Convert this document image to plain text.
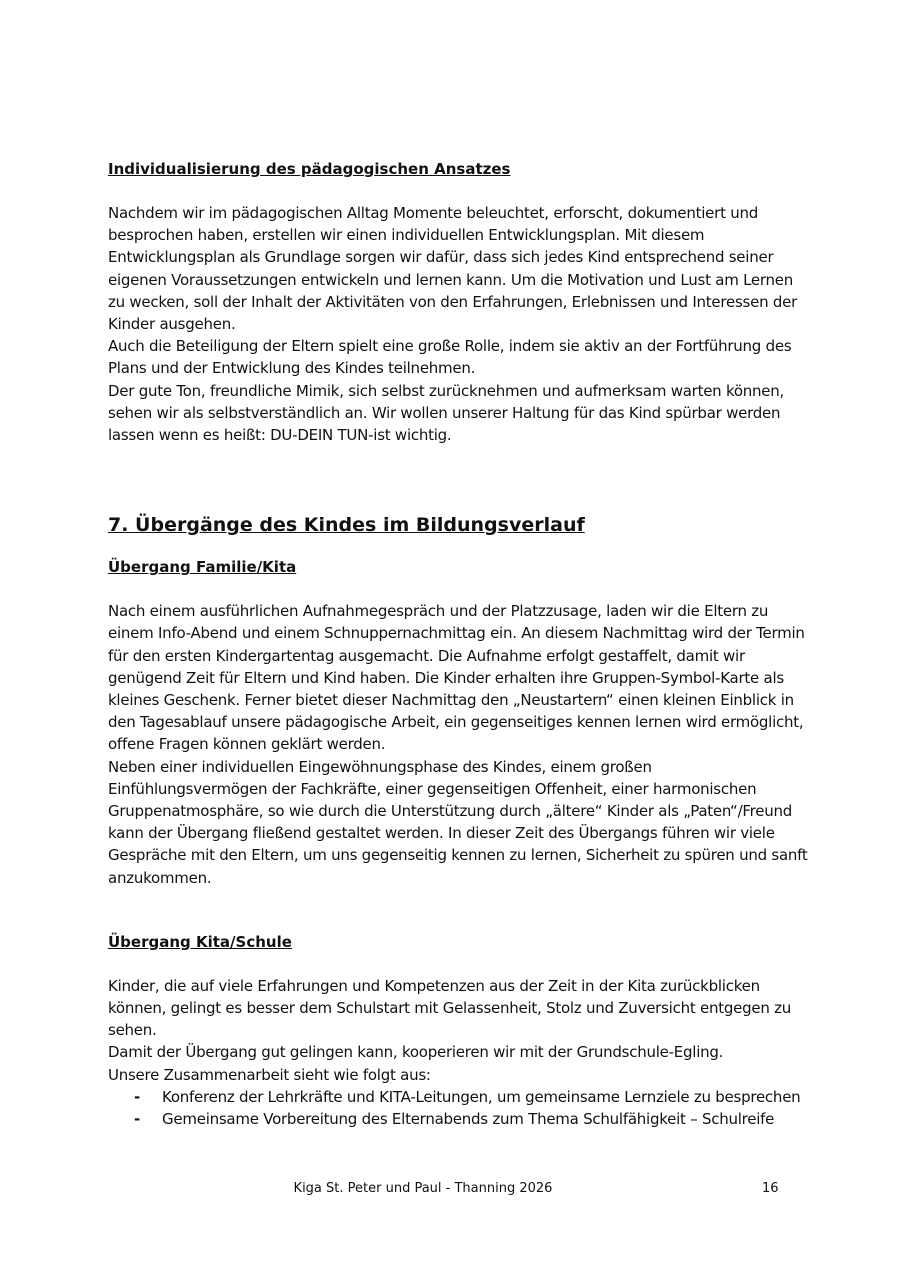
Individualisierung des pädagogischen Ansatzes

Nachdem wir im pädagogischen Alltag Momente beleuchtet, erforscht, dokumentiert und besprochen haben, erstellen wir einen individuellen Entwicklungsplan. Mit diesem Entwicklungsplan als Grundlage sorgen wir dafür, dass sich jedes Kind entsprechend seiner eigenen Voraussetzungen entwickeln und lernen kann. Um die Motivation und Lust am Lernen zu wecken, soll der Inhalt der Aktivitäten von den Erfahrungen, Erlebnissen und Interessen der Kinder ausgehen.

Auch die Beteiligung der Eltern spielt eine große Rolle, indem sie aktiv an der Fortführung des Plans und der Entwicklung des Kindes teilnehmen.

Der gute Ton, freundliche Mimik, sich selbst zurücknehmen und aufmerksam warten können, sehen wir als selbstverständlich an. Wir wollen unserer Haltung für das Kind spürbar werden lassen wenn es heißt: DU-DEIN TUN-ist wichtig.

7. Übergänge des Kindes im Bildungsverlauf

Übergang Familie/Kita

Nach einem ausführlichen Aufnahmegespräch und der Platzzusage, laden wir die Eltern zu einem Info-Abend und einem Schnuppernachmittag ein. An diesem Nachmittag wird der Termin für den ersten Kindergartentag ausgemacht. Die Aufnahme erfolgt gestaffelt, damit wir genügend Zeit für Eltern und Kind haben. Die Kinder erhalten ihre Gruppen-Symbol-Karte als kleines Geschenk. Ferner bietet dieser Nachmittag den „Neustartern“ einen kleinen Einblick in den Tagesablauf unsere pädagogische Arbeit, ein gegenseitiges kennen lernen wird ermöglicht, offene Fragen können geklärt werden.

Neben einer individuellen Eingewöhnungsphase des Kindes, einem großen Einfühlungsvermögen der Fachkräfte, einer gegenseitigen Offenheit, einer harmonischen Gruppenatmosphäre, so wie durch die Unterstützung durch „ältere“ Kinder als „Paten“/Freund kann der Übergang fließend gestaltet werden. In dieser Zeit des Übergangs führen wir viele Gespräche mit den Eltern, um uns gegenseitig kennen zu lernen, Sicherheit zu spüren und sanft anzukommen.

Übergang Kita/Schule

Kinder, die auf viele Erfahrungen und Kompetenzen aus der Zeit in der Kita zurückblicken können, gelingt es besser dem Schulstart mit Gelassenheit, Stolz und Zuversicht entgegen zu sehen.

Damit der Übergang gut gelingen kann, kooperieren wir mit der Grundschule-Egling.

Unsere Zusammenarbeit sieht wie folgt aus:

- Konferenz der Lehrkräfte und KITA-Leitungen, um gemeinsame Lernziele zu besprechen
- Gemeinsame Vorbereitung des Elternabends zum Thema Schulfähigkeit – Schulreife
Kiga St. Peter und Paul - Thanning 2026	16
